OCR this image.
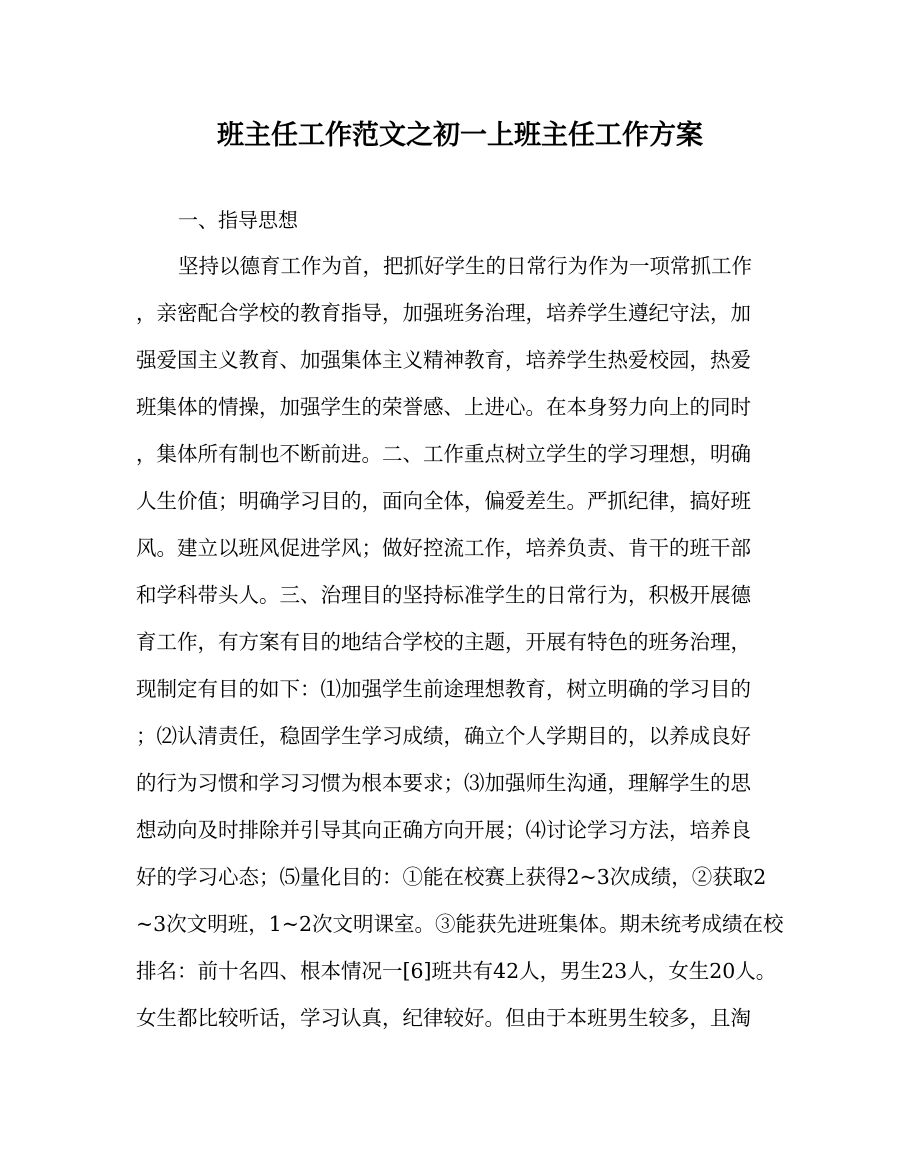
班主任工作范文之初一上班主任工作方案
一、指导思想
坚持以德育工作为首，把抓好学生的日常行为作为一项常抓工作
，亲密配合学校的教育指导，加强班务治理，培养学生遵纪守法，加
强爱国主义教育、加强集体主义精神教育，培养学生热爱校园，热爱
班集体的情操，加强学生的荣誉感、上进心。在本身努力向上的同时
，集体所有制也不断前进。二、工作重点树立学生的学习理想，明确
人生价值；明确学习目的，面向全体，偏爱差生。严抓纪律，搞好班
风。建立以班风促进学风；做好控流工作，培养负责、肯干的班干部
和学科带头人。三、治理目的坚持标准学生的日常行为，积极开展德
育工作，有方案有目的地结合学校的主题，开展有特色的班务治理，
现制定有目的如下：⑴加强学生前途理想教育，树立明确的学习目的
；⑵认清责任，稳固学生学习成绩，确立个人学期目的，以养成良好
的行为习惯和学习习惯为根本要求；⑶加强师生沟通，理解学生的思
想动向及时排除并引导其向正确方向开展；⑷讨论学习方法，培养良
好的学习心态；⑸量化目的：①能在校赛上获得2~3次成绩，②获取2
~3次文明班，1~2次文明课室。③能获先进班集体。期未统考成绩在校
排名：前十名四、根本情况一[6]班共有42人，男生23人，女生20人。
女生都比较听话，学习认真，纪律较好。但由于本班男生较多，且淘
